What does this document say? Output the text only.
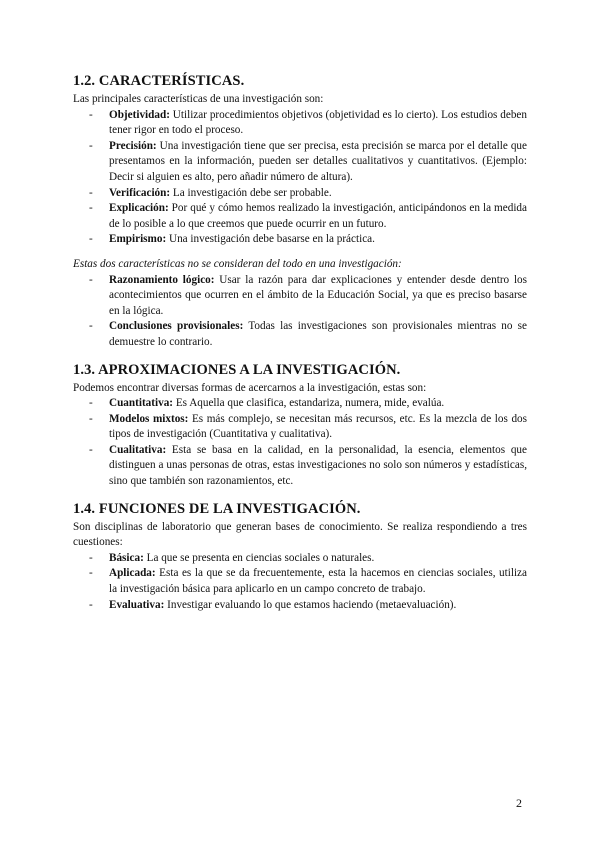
1.2. CARACTERÍSTICAS.

Las principales características de una investigación son:

- Objetividad: Utilizar procedimientos objetivos (objetividad es lo cierto). Los estudios deben tener rigor en todo el proceso.
- Precisión: Una investigación tiene que ser precisa, esta precisión se marca por el detalle que presentamos en la información, pueden ser detalles cualitativos y cuantitativos. (Ejemplo: Decir si alguien es alto, pero añadir número de altura).
- Verificación: La investigación debe ser probable.
- Explicación: Por qué y cómo hemos realizado la investigación, anticipándonos en la medida de lo posible a lo que creemos que puede ocurrir en un futuro.
- Empirismo: Una investigación debe basarse en la práctica.

Estas dos características no se consideran del todo en una investigación:

- Razonamiento lógico: Usar la razón para dar explicaciones y entender desde dentro los acontecimientos que ocurren en el ámbito de la Educación Social, ya que es preciso basarse en la lógica.
- Conclusiones provisionales: Todas las investigaciones son provisionales mientras no se demuestre lo contrario.
1.3. APROXIMACIONES A LA INVESTIGACIÓN.

Podemos encontrar diversas formas de acercarnos a la investigación, estas son:

- Cuantitativa: Es Aquella que clasifica, estandariza, numera, mide, evalúa.
- Modelos mixtos: Es más complejo, se necesitan más recursos, etc. Es la mezcla de los dos tipos de investigación (Cuantitativa y cualitativa).
- Cualitativa: Esta se basa en la calidad, en la personalidad, la esencia, elementos que distinguen a unas personas de otras, estas investigaciones no solo son números y estadísticas, sino que también son razonamientos, etc.
1.4. FUNCIONES DE LA INVESTIGACIÓN.

Son disciplinas de laboratorio que generan bases de conocimiento. Se realiza respondiendo a tres cuestiones:

- Básica: La que se presenta en ciencias sociales o naturales.
- Aplicada: Esta es la que se da frecuentemente, esta la hacemos en ciencias sociales, utiliza la investigación básica para aplicarlo en un campo concreto de trabajo.
- Evaluativa: Investigar evaluando lo que estamos haciendo (metaevaluación).
2
